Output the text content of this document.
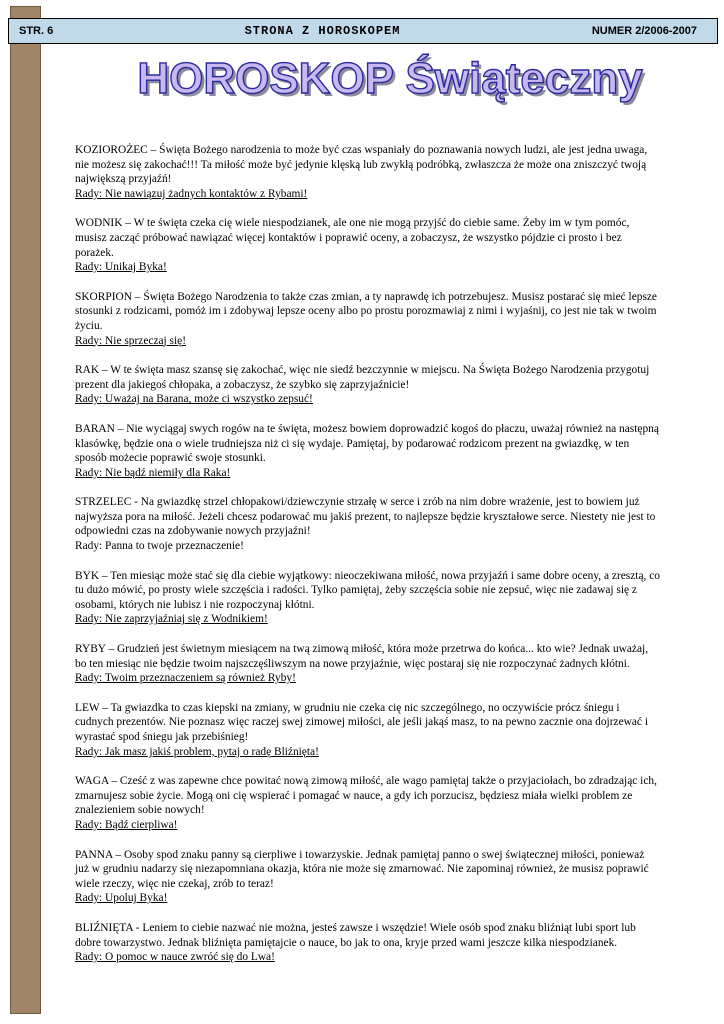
STR. 6	STRONA Z HOROSKOPEM	NUMER 2/2006-2007
HOROSKOP Świąteczny

KOZIOROŻEC – Święta Bożego narodzenia to może być czas wspaniały do poznawania nowych ludzi, ale jest jedna uwaga, nie możesz się zakochać!!! Ta miłość może być jedynie klęską lub zwykłą podróbką, zwłaszcza że może ona zniszczyć twoją największą przyjaźń!

Rady: Nie nawiązuj żadnych kontaktów z Rybami!

WODNIK – W te święta czeka cię wiele niespodzianek, ale one nie mogą przyjść do ciebie same. Żeby im w tym pomóc, musisz zacząć próbować nawiązać więcej kontaktów i poprawić oceny, a zobaczysz, że wszystko pójdzie ci prosto i bez porażek.

Rady: Unikaj Byka!

SKORPION – Święta Bożego Narodzenia to także czas zmian, a ty naprawdę ich potrzebujesz. Musisz postarać się mieć lepsze stosunki z rodzicami, pomóż im i zdobywaj lepsze oceny albo po prostu porozmawiaj z nimi i wyjaśnij, co jest nie tak w twoim życiu.

Rady: Nie sprzeczaj się!

RAK – W te święta masz szansę się zakochać, więc nie siedź bezczynnie w miejscu. Na Święta Bożego Narodzenia przygotuj prezent dla jakiegoś chłopaka, a zobaczysz, że szybko się zaprzyjaźnicie!

Rady: Uważaj na Barana, może ci wszystko zepsuć!

BARAN – Nie wyciągaj swych rogów na te święta, możesz bowiem doprowadzić kogoś do płaczu, uważaj również na następną klasówkę, będzie ona o wiele trudniejsza niż ci się wydaje. Pamiętaj, by podarować rodzicom prezent na gwiazdkę, w ten sposób możecie poprawić swoje stosunki.

Rady: Nie bądź niemiły dla Raka!

STRZELEC - Na gwiazdkę strzel chłopakowi/dziewczynie strzałę w serce i zrób na nim dobre wrażenie, jest to bowiem już najwyższa pora na miłość. Jeżeli chcesz podarować mu jakiś prezent, to najlepsze będzie kryształowe serce. Niestety nie jest to odpowiedni czas na zdobywanie nowych przyjaźni!

Rady: Panna to twoje przeznaczenie!

BYK – Ten miesiąc może stać się dla ciebie wyjątkowy: nieoczekiwana miłość, nowa przyjaźń i same dobre oceny, a zresztą, co tu dużo mówić, po prosty wiele szczęścia i radości. Tylko pamiętaj, żeby szczęścia sobie nie zepsuć, więc nie zadawaj się z osobami, których nie lubisz i nie rozpoczynaj kłótni.

Rady: Nie zaprzyjaźniaj się z Wodnikiem!

RYBY – Grudzień jest świetnym miesiącem na twą zimową miłość, która może przetrwa do końca... kto wie? Jednak uważaj, bo ten miesiąc nie będzie twoim najszczęśliwszym na nowe przyjaźnie, więc postaraj się nie rozpoczynać żadnych kłótni.

Rady: Twoim przeznaczeniem są również Ryby!

LEW – Ta gwiazdka to czas kiepski na zmiany, w grudniu nie czeka cię nic szczególnego, no oczywiście prócz śniegu i cudnych prezentów. Nie poznasz więc raczej swej zimowej miłości, ale jeśli jakąś masz, to na pewno zacznie ona dojrzewać i wyrastać spod śniegu jak przebiśnieg!

Rady: Jak masz jakiś problem, pytaj o radę Bliźnięta!

WAGA – Cześć z was zapewne chce powitać nową zimową miłość, ale wago pamiętaj także o przyjaciołach, bo zdradzając ich, zmarnujesz sobie życie. Mogą oni cię wspierać i pomagać w nauce, a gdy ich porzucisz, będziesz miała wielki problem ze znalezieniem sobie nowych!

Rady: Bądź cierpliwa!

PANNA – Osoby spod znaku panny są cierpliwe i towarzyskie. Jednak pamiętaj panno o swej świątecznej miłości, ponieważ już w grudniu nadarzy się niezapomniana okazja, która nie może się zmarnować. Nie zapominaj również, że musisz poprawić wiele rzeczy, więc nie czekaj, zrób to teraz!

Rady: Upoluj Byka!

BLIŹNIĘTA - Leniem to ciebie nazwać nie można, jesteś zawsze i wszędzie! Wiele osób spod znaku bliźniąt lubi sport lub dobre towarzystwo. Jednak bliźnięta pamiętajcie o nauce, bo jak to ona, kryje przed wami jeszcze kilka niespodzianek.

Rady: O pomoc w nauce zwróć się do Lwa!
